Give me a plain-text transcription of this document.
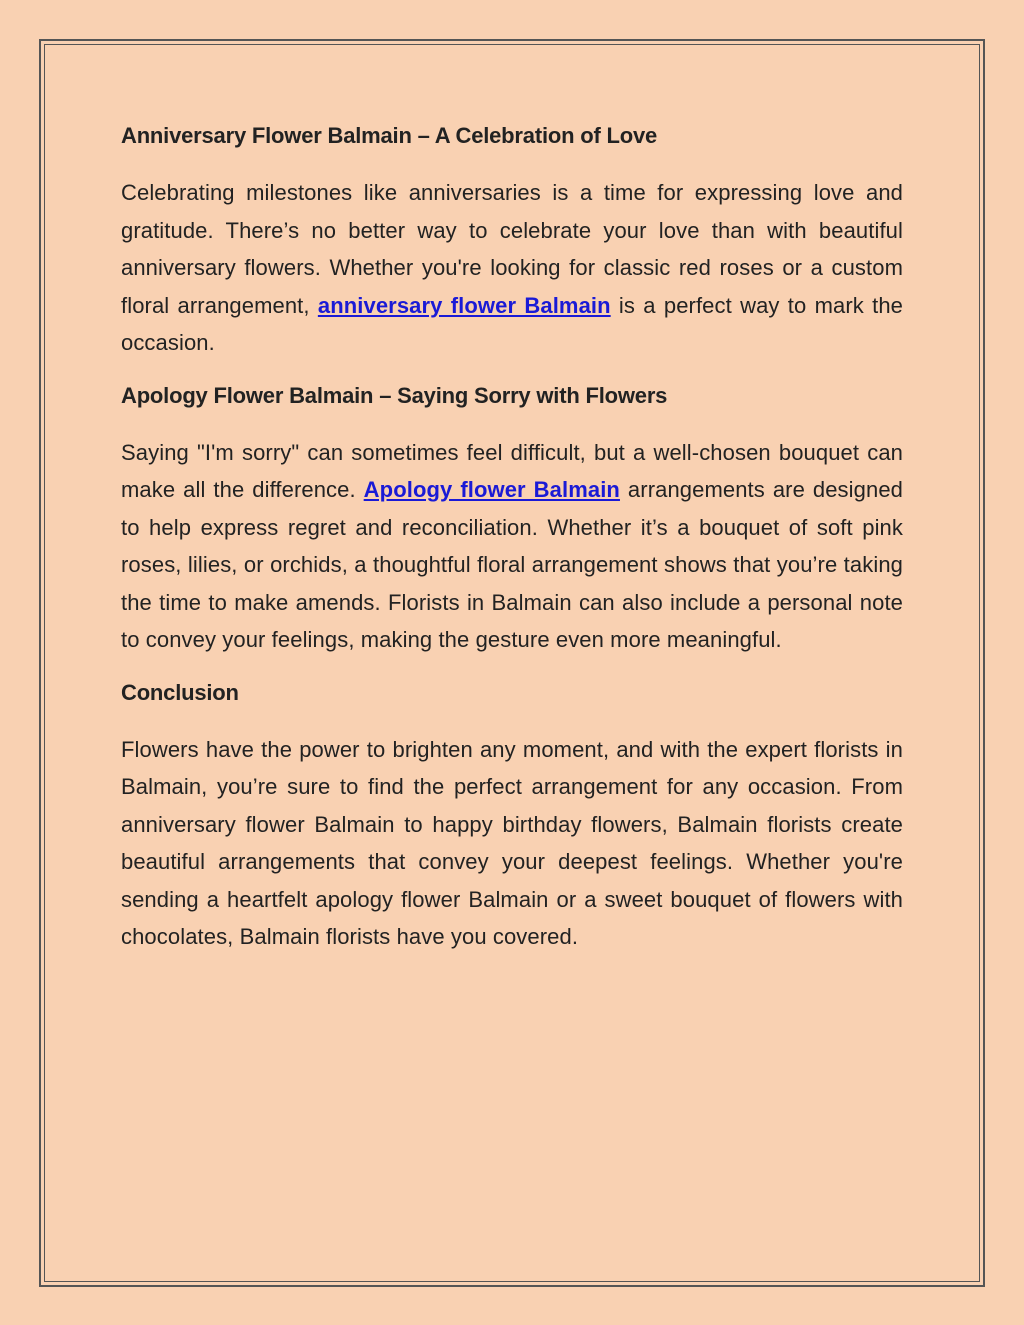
Anniversary Flower Balmain – A Celebration of Love

Celebrating milestones like anniversaries is a time for expressing love and gratitude. There’s no better way to celebrate your love than with beautiful anniversary flowers. Whether you're looking for classic red roses or a custom floral arrangement, anniversary flower Balmain is a perfect way to mark the occasion.

Apology Flower Balmain – Saying Sorry with Flowers

Saying "I'm sorry" can sometimes feel difficult, but a well-chosen bouquet can make all the difference. Apology flower Balmain arrangements are designed to help express regret and reconciliation. Whether it’s a bouquet of soft pink roses, lilies, or orchids, a thoughtful floral arrangement shows that you’re taking the time to make amends. Florists in Balmain can also include a personal note to convey your feelings, making the gesture even more meaningful.

Conclusion

Flowers have the power to brighten any moment, and with the expert florists in Balmain, you’re sure to find the perfect arrangement for any occasion. From anniversary flower Balmain to happy birthday flowers, Balmain florists create beautiful arrangements that convey your deepest feelings. Whether you're sending a heartfelt apology flower Balmain or a sweet bouquet of flowers with chocolates, Balmain florists have you covered.
